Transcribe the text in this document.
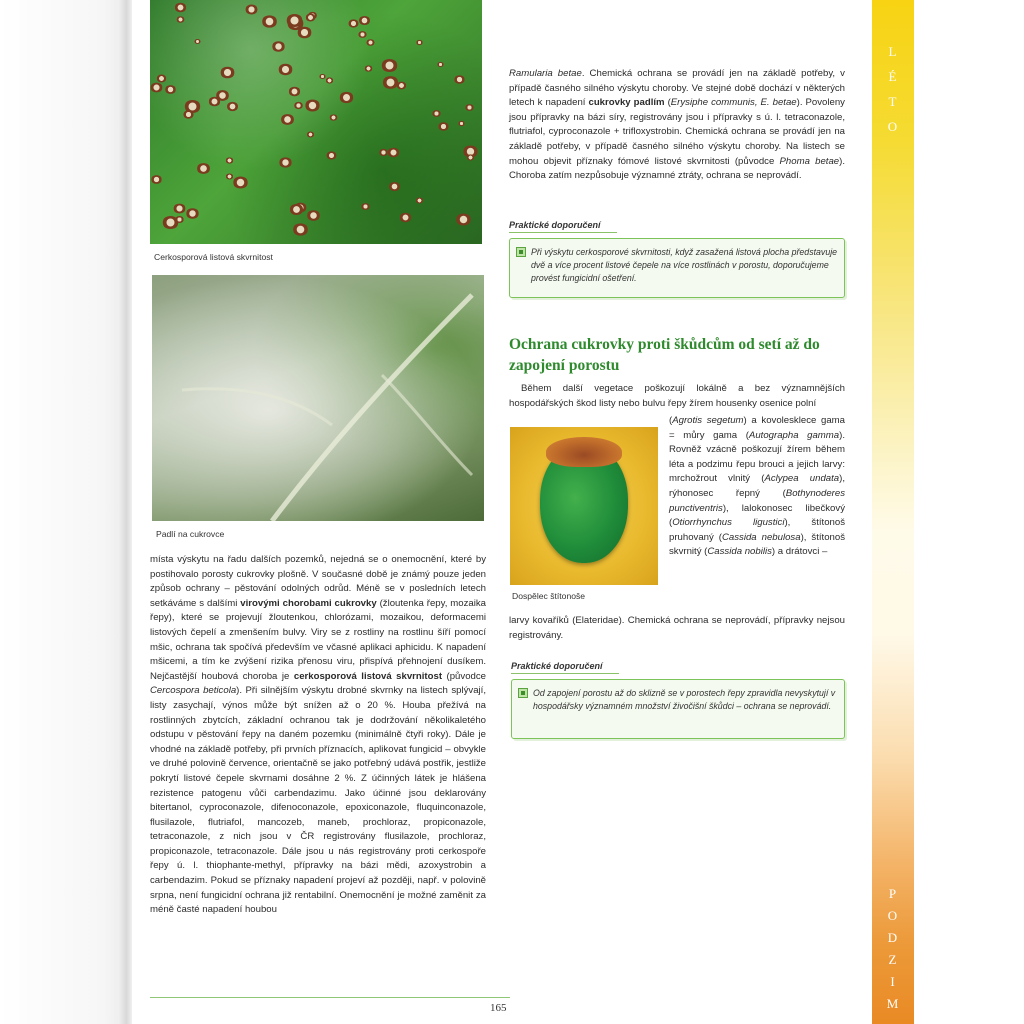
L
É
T
O
P
O
D
Z
I
M
Cerkosporová listová skvrnitost
Padlí na cukrovce
místa výskytu na řadu dalších pozemků, nejedná se o onemocnění, které by postihovalo porosty cukrovky plošně. V současné době je známý pouze jeden způsob ochrany – pěstování odolných odrůd. Méně se v posledních letech setkáváme s dalšími virovými chorobami cukrovky (žloutenka řepy, mozaika řepy), které se projevují žloutenkou, chlorózami, mozaikou, deformacemi listových čepelí a zmenšením bulvy. Viry se z rostliny na rostlinu šíří pomocí mšic, ochrana tak spočívá především ve včasné aplikaci aphicidu. K napadení mšicemi, a tím ke zvýšení rizika přenosu viru, přispívá přehnojení dusíkem. Nejčastější houbová choroba je cerkosporová listová skvrnitost (původce Cercospora beticola). Při silnějším výskytu drobné skvrnky na listech splývají, listy zasychají, výnos může být snížen až o 20 %. Houba přežívá na rostlinných zbytcích, základní ochranou tak je dodržování několikaletého odstupu v pěstování řepy na daném pozemku (minimálně čtyři roky). Dále je vhodné na základě potřeby, při prvních příznacích, aplikovat fungicid – obvykle ve druhé polovině července, orientačně se jako potřebný udává postřik, jestliže pokrytí listové čepele skvrnami dosáhne 2 %. Z účinných látek je hlášena rezistence patogenu vůči carbendazimu. Jako účinné jsou deklarovány bitertanol, cyproconazole, difenoconazole, epoxiconazole, fluquinconazole, flusilazole, flutriafol, mancozeb, maneb, prochloraz, propiconazole, tetraconazole, z nich jsou v ČR registrovány flusilazole, prochloraz, propiconazole, tetraconazole. Dále jsou u nás registrovány proti cerkospoře řepy ú. l. thiophante-methyl, přípravky na bázi mědi, azoxystrobin a carbendazim. Pokud se příznaky napadení projeví až později, např. v polovině srpna, není fungicidní ochrana již rentabilní. Onemocnění je možné zaměnit za méně časté napadení houbou
Ramularia betae. Chemická ochrana se provádí jen na základě potřeby, v případě časného silného výskytu choroby. Ve stejné době dochází v některých letech k napadení cukrovky padlím (Erysiphe communis, E. betae). Povoleny jsou přípravky na bázi síry, registrovány jsou i přípravky s ú. l. tetraconazole, flutriafol, cyproconazole + trifloxystrobin. Chemická ochrana se provádí jen na základě potřeby, v případě časného silného výskytu choroby. Na listech se mohou objevit příznaky fómové listové skvrnitosti (původce Phoma betae). Choroba zatím nezpůsobuje významné ztráty, ochrana se neprovádí.
Praktické doporučení
Při výskytu cerkosporové skvrnitosti, když zasažená listová plocha představuje dvě a více procent listové čepele na více rostlinách v porostu, doporučujeme provést fungicidní ošetření.
Ochrana cukrovky proti škůdcům od setí až do zapojení porostu
Během další vegetace poškozují lokálně a bez významnějších hospodářských škod listy nebo bulvu řepy žírem housenky osenice polní
Dospělec štítonoše
(Agrotis segetum) a kovolesklece gama = můry gama (Autographa gamma). Rovněž vzácně poškozují žírem během léta a podzimu řepu brouci a jejich larvy: mrchožrout vlnitý (Aclypea undata), rýhonosec řepný (Bothynoderes punctiventris), lalokonosec libečkový (Otiorrhynchus ligustici), štítonoš pruhovaný (Cassida nebulosa), štítonoš skvrnitý (Cassida nobilis) a drátovci –
larvy kovaříků (Elateridae). Chemická ochrana se neprovádí, přípravky nejsou registrovány.
Praktické doporučení
Od zapojení porostu až do sklizně se v porostech řepy zpravidla nevyskytují v hospodářsky významném množství živočišní škůdci – ochrana se neprovádí.
165
